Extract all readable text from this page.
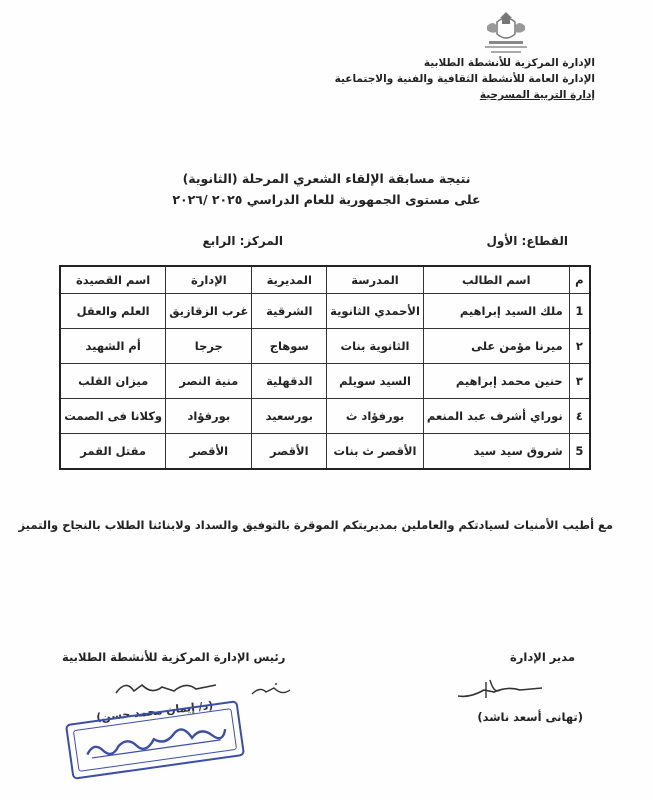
الإدارة المركزية للأنشطة الطلابية
الإدارة العامة للأنشطة الثقافية والفنية والاجتماعية
إدارة التربية المسرحية
نتيجة مسابقة الإلقاء الشعري المرحلة (الثانوية)
على مستوى الجمهورية للعام الدراسي ٢٠٢٥ /٢٠٢٦
القطاع: الأول
المركز: الرابع
م	اسم الطالب	المدرسة	المديرية	الإدارة	اسم القصيدة
1	ملك السيد إبراهيم	الأحمدي الثانوية	الشرقية	غرب الزقازيق	العلم والعقل
٢	ميرنا مؤمن على	الثانوية بنات	سوهاج	جرجا	أم الشهيد
٣	حنين محمد إبراهيم	السيد سويلم	الدقهلية	منية النصر	ميزان القلب
٤	نوراي أشرف عبد المنعم	بورفؤاد ث	بورسعيد	بورفؤاد	وكلانا فى الصمت
5	شروق سيد سيد	الأقصر ث بنات	الأقصر	الأقصر	مقتل القمر
مع أطيب الأمنيات لسيادتكم والعاملين بمديريتكم الموقرة بالتوفيق والسداد ولابنائنا الطلاب بالنجاح والتميز
مدير الإدارة
رئيس الإدارة المركزية للأنشطة الطلابية
(تهانى أسعد ناشد)
(د/ إيمان محمد حسن)
